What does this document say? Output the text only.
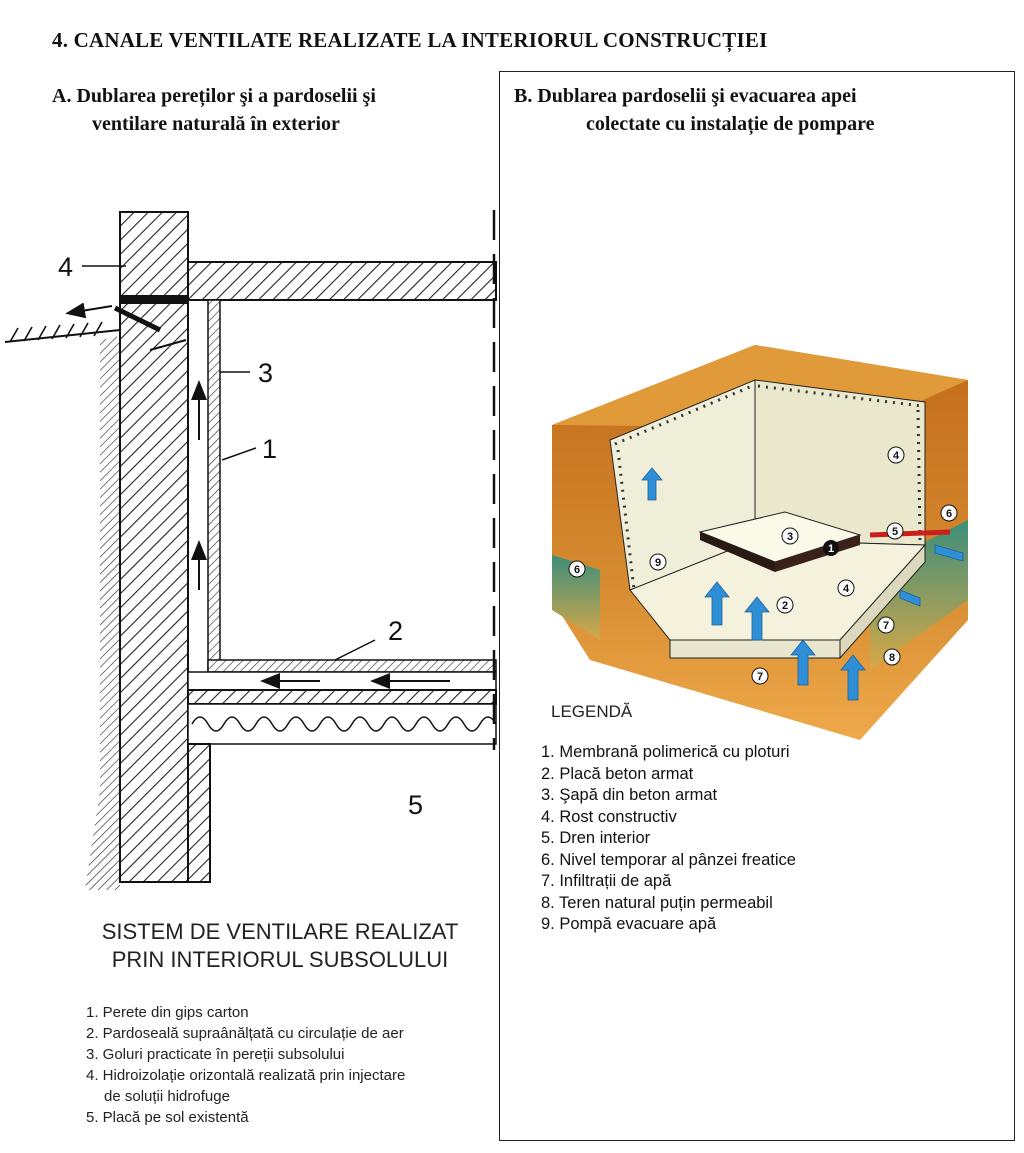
4. CANALE VENTILATE REALIZATE LA INTERIORUL CONSTRUCȚIEI
A. Dublarea pereților şi a pardoselii şi
ventilare naturală în exterior
B. Dublarea pardoselii şi evacuarea apei
colectate cu instalație de pompare
4
3
1
2
5
SISTEM DE VENTILARE REALIZAT
PRIN INTERIORUL SUBSOLULUI
1. Perete din gips carton
2. Pardoseală supraânălțată cu circulație de aer
3. Goluri practicate în pereții subsolului
4. Hidroizolație orizontală realizată prin injectare
de soluții hidrofuge
5. Placă pe sol existentă
1
2
3
4
4
5
6
6
7
7
8
9
LEGENDĂ
1. Membrană polimerică cu ploturi
2. Placă beton armat
3. Şapă din beton armat
4. Rost constructiv
5. Dren interior
6. Nivel temporar al pânzei freatice
7. Infiltrații de apă
8. Teren natural puțin permeabil
9. Pompă evacuare apă
